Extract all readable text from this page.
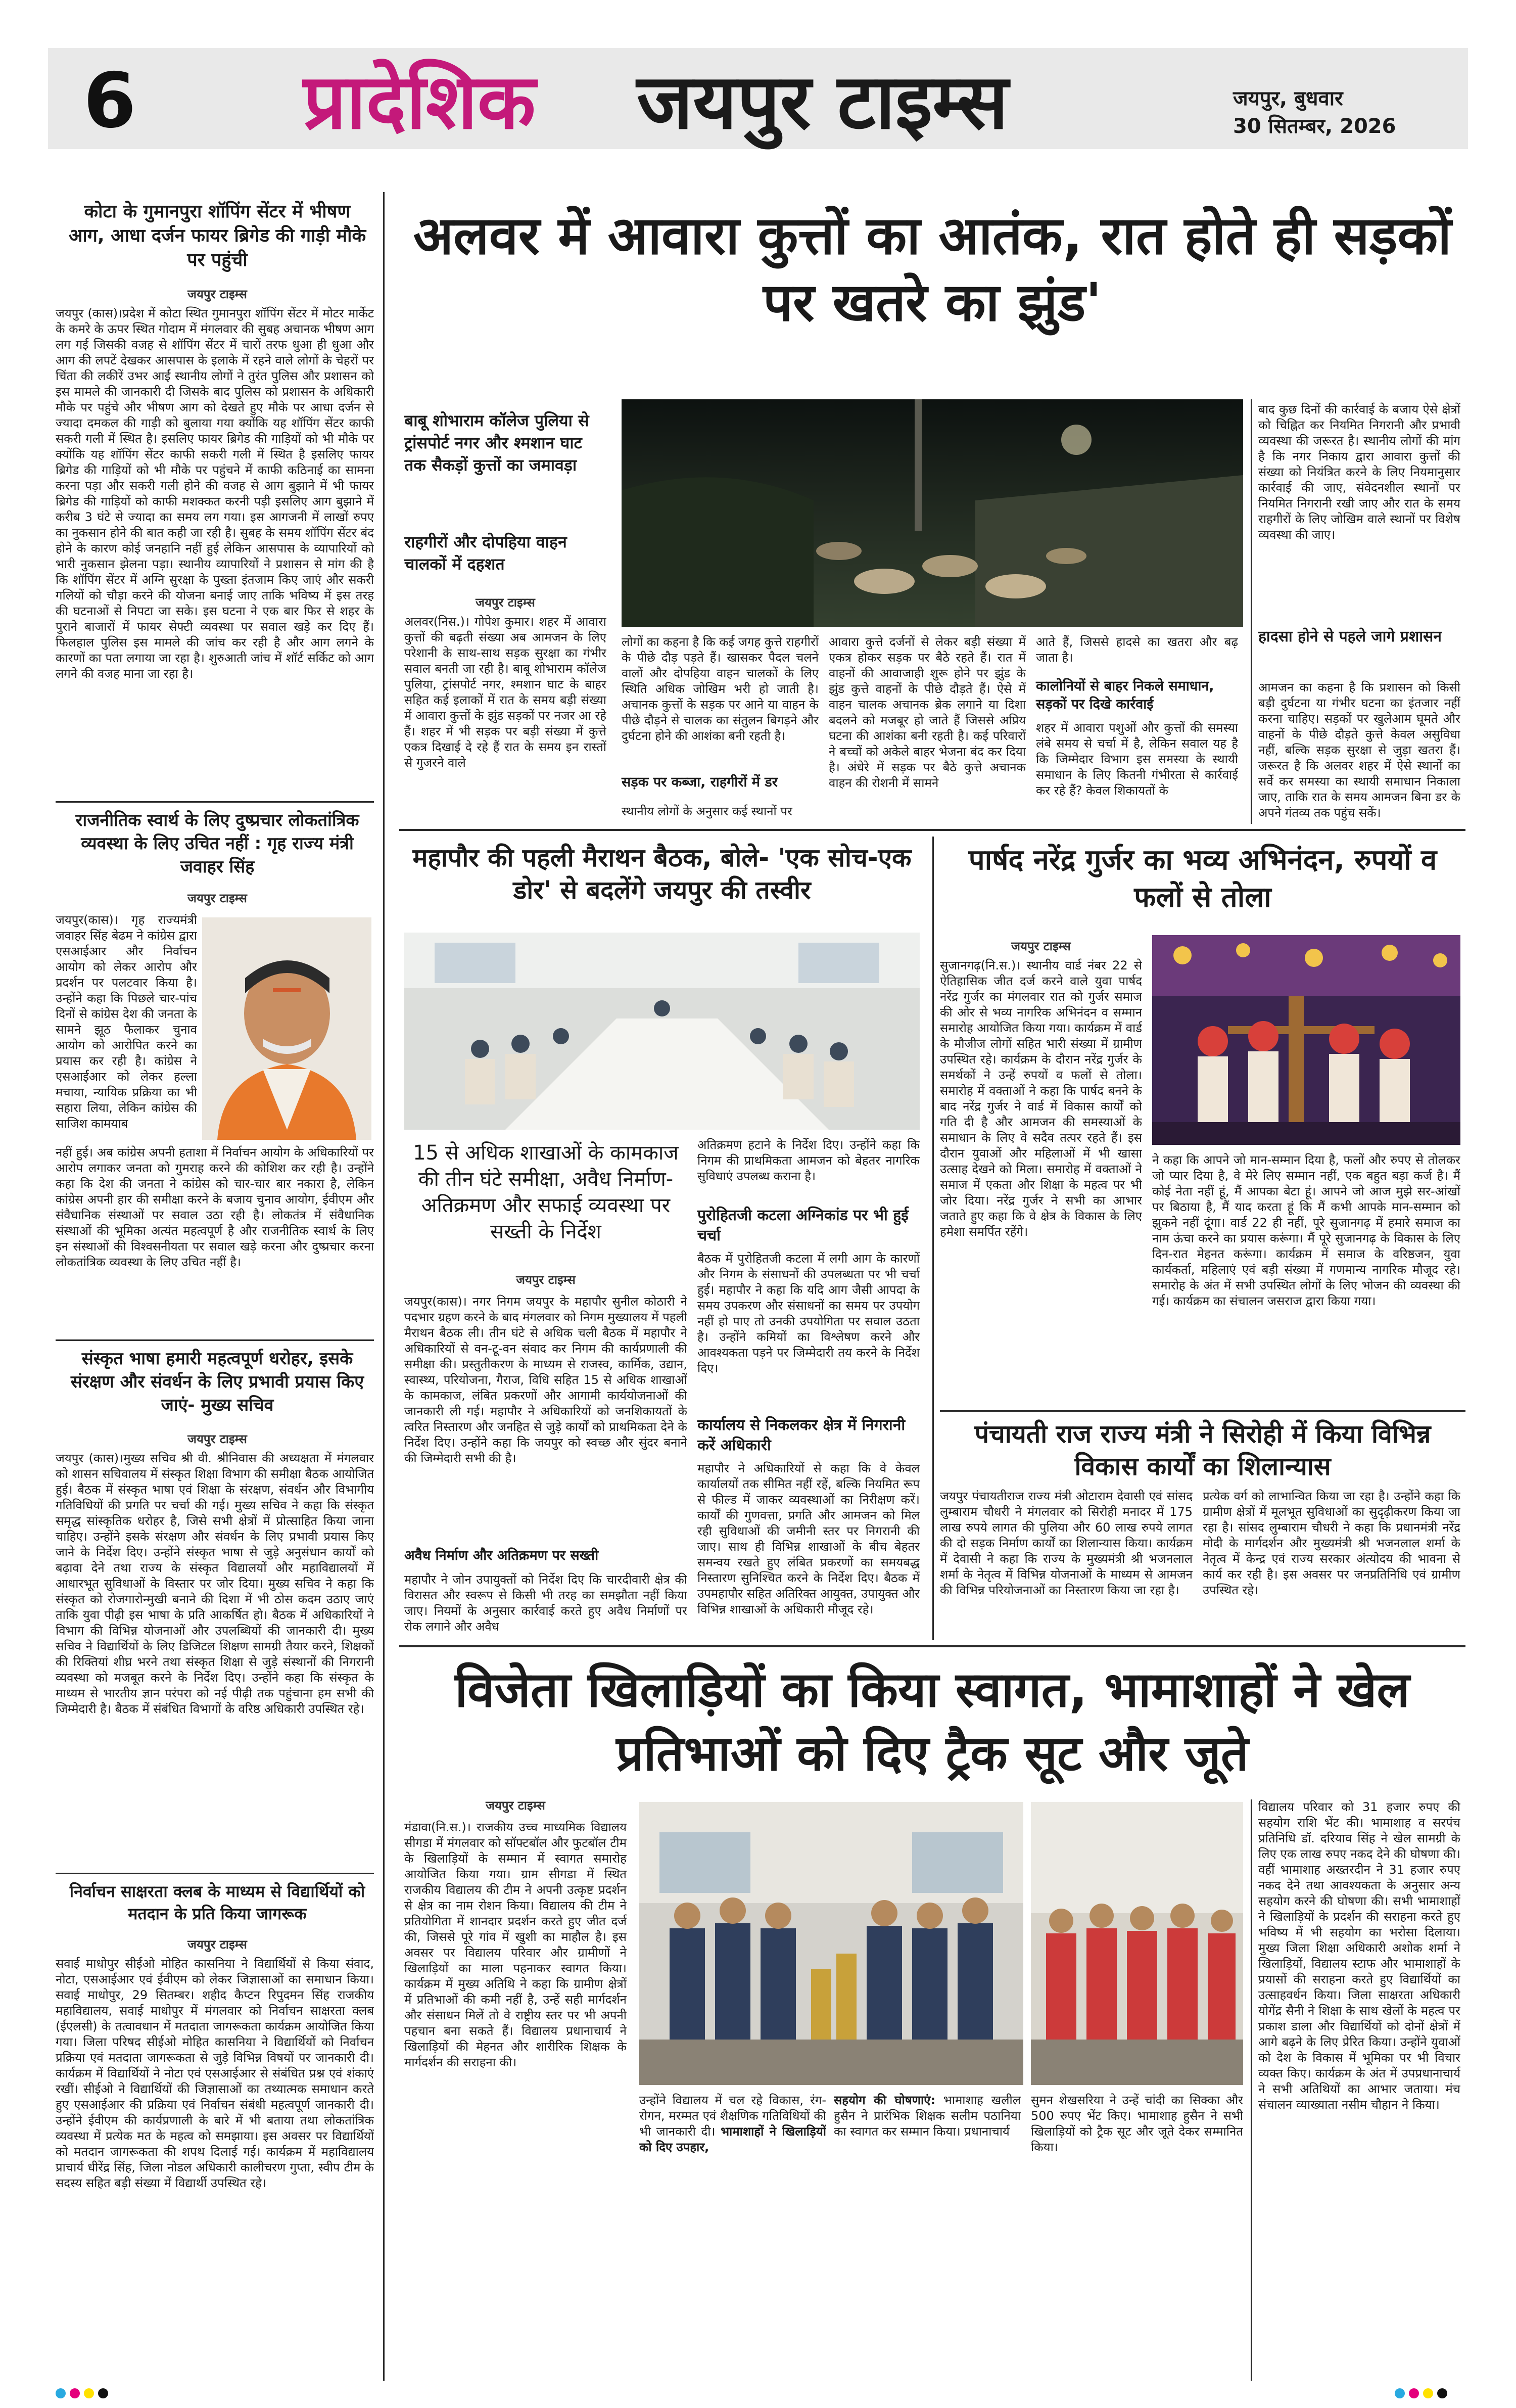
6 प्रादेशिक जयपुर टाइम्स	जयपुर, बुधवार
30 सितम्बर, 2026
कोटा के गुमानपुरा शॉपिंग सेंटर में भीषण आग, आधा दर्जन फायर ब्रिगेड की गाड़ी मौके पर पहुंची
जयपुर टाइम्स
जयपुर (कास)।प्रदेश में कोटा स्थित गुमानपुरा शॉपिंग सेंटर में मोटर मार्केट के कमरे के ऊपर स्थित गोदाम में मंगलवार की सुबह अचानक भीषण आग लग गई जिसकी वजह से शॉपिंग सेंटर में चारों तरफ धुआ ही धुआ और आग की लपटें देखकर आसपास के इलाके में रहने वाले लोगों के चेहरों पर चिंता की लकीरें उभर आईं स्थानीय लोगों ने तुरंत पुलिस और प्रशासन को इस मामले की जानकारी दी जिसके बाद पुलिस को प्रशासन के अधिकारी मौके पर पहुंचे और भीषण आग को देखते हुए मौके पर आधा दर्जन से ज्यादा दमकल की गाड़ी को बुलाया गया क्योंकि यह शॉपिंग सेंटर काफी सकरी गली में स्थित है। इसलिए फायर ब्रिगेड की गाड़ियों को भी मौके पर क्योंकि यह शॉपिंग सेंटर काफी सकरी गली में स्थित है इसलिए फायर ब्रिगेड की गाड़ियों को भी मौके पर पहुंचने में काफी कठिनाई का सामना करना पड़ा और सकरी गली होने की वजह से आग बुझाने में भी फायर ब्रिगेड की गाड़ियों को काफी मशक्कत करनी पड़ी इसलिए आग बुझाने में करीब 3 घंटे से ज्यादा का समय लग गया। इस आगजनी में लाखों रुपए का नुकसान होने की बात कही जा रही है। सुबह के समय शॉपिंग सेंटर बंद होने के कारण कोई जनहानि नहीं हुई लेकिन आसपास के व्यापारियों को भारी नुकसान झेलना पड़ा। स्थानीय व्यापारियों ने प्रशासन से मांग की है कि शॉपिंग सेंटर में अग्नि सुरक्षा के पुख्ता इंतजाम किए जाएं और सकरी गलियों को चौड़ा करने की योजना बनाई जाए ताकि भविष्य में इस तरह की घटनाओं से निपटा जा सके। इस घटना ने एक बार फिर से शहर के पुराने बाजारों में फायर सेफ्टी व्यवस्था पर सवाल खड़े कर दिए हैं। फिलहाल पुलिस इस मामले की जांच कर रही है और आग लगने के कारणों का पता लगाया जा रहा है। शुरुआती जांच में शॉर्ट सर्किट को आग लगने की वजह माना जा रहा है।
राजनीतिक स्वार्थ के लिए दुष्प्रचार लोकतांत्रिक व्यवस्था के लिए उचित नहीं : गृह राज्य मंत्री जवाहर सिंह
जयपुर टाइम्स
जयपुर(कास)। गृह राज्यमंत्री जवाहर सिंह बेढम ने कांग्रेस द्वारा एसआईआर और निर्वाचन आयोग को लेकर आरोप और प्रदर्शन पर पलटवार किया है। उन्होंने कहा कि पिछले चार-पांच दिनों से कांग्रेस देश की जनता के सामने झूठ फैलाकर चुनाव आयोग को आरोपित करने का प्रयास कर रही है। कांग्रेस ने एसआईआर को लेकर हल्ला मचाया, न्यायिक प्रक्रिया का भी सहारा लिया, लेकिन कांग्रेस की साजिश कामयाब
नहीं हुई। अब कांग्रेस अपनी हताशा में निर्वाचन आयोग के अधिकारियों पर आरोप लगाकर जनता को गुमराह करने की कोशिश कर रही है। उन्होंने कहा कि देश की जनता ने कांग्रेस को चार-चार बार नकारा है, लेकिन कांग्रेस अपनी हार की समीक्षा करने के बजाय चुनाव आयोग, ईवीएम और संवैधानिक संस्थाओं पर सवाल उठा रही है। लोकतंत्र में संवैधानिक संस्थाओं की भूमिका अत्यंत महत्वपूर्ण है और राजनीतिक स्वार्थ के लिए इन संस्थाओं की विश्वसनीयता पर सवाल खड़े करना और दुष्प्रचार करना लोकतांत्रिक व्यवस्था के लिए उचित नहीं है।
संस्कृत भाषा हमारी महत्वपूर्ण धरोहर, इसके संरक्षण और संवर्धन के लिए प्रभावी प्रयास किए जाएं- मुख्य सचिव
जयपुर टाइम्स
जयपुर (कास)।मुख्य सचिव श्री वी. श्रीनिवास की अध्यक्षता में मंगलवार को शासन सचिवालय में संस्कृत शिक्षा विभाग की समीक्षा बैठक आयोजित हुई। बैठक में संस्कृत भाषा एवं शिक्षा के संरक्षण, संवर्धन और विभागीय गतिविधियों की प्रगति पर चर्चा की गई। मुख्य सचिव ने कहा कि संस्कृत समृद्ध सांस्कृतिक धरोहर है, जिसे सभी क्षेत्रों में प्रोत्साहित किया जाना चाहिए। उन्होंने इसके संरक्षण और संवर्धन के लिए प्रभावी प्रयास किए जाने के निर्देश दिए। उन्होंने संस्कृत भाषा से जुड़े अनुसंधान कार्यों को बढ़ावा देने तथा राज्य के संस्कृत विद्यालयों और महाविद्यालयों में आधारभूत सुविधाओं के विस्तार पर जोर दिया। मुख्य सचिव ने कहा कि संस्कृत को रोजगारोन्मुखी बनाने की दिशा में भी ठोस कदम उठाए जाएं ताकि युवा पीढ़ी इस भाषा के प्रति आकर्षित हो। बैठक में अधिकारियों ने विभाग की विभिन्न योजनाओं और उपलब्धियों की जानकारी दी। मुख्य सचिव ने विद्यार्थियों के लिए डिजिटल शिक्षण सामग्री तैयार करने, शिक्षकों की रिक्तियां शीघ्र भरने तथा संस्कृत शिक्षा से जुड़े संस्थानों की निगरानी व्यवस्था को मजबूत करने के निर्देश दिए। उन्होंने कहा कि संस्कृत के माध्यम से भारतीय ज्ञान परंपरा को नई पीढ़ी तक पहुंचाना हम सभी की जिम्मेदारी है। बैठक में संबंधित विभागों के वरिष्ठ अधिकारी उपस्थित रहे।
निर्वाचन साक्षरता क्लब के माध्यम से विद्यार्थियों को मतदान के प्रति किया जागरूक
जयपुर टाइम्स
सवाई माधोपुर सीईओ मोहित कासनिया ने विद्यार्थियों से किया संवाद, नोटा, एसआईआर एवं ईवीएम को लेकर जिज्ञासाओं का समाधान किया। सवाई माधोपुर, 29 सितम्बर। शहीद कैप्टन रिपुदमन सिंह राजकीय महाविद्यालय, सवाई माधोपुर में मंगलवार को निर्वाचन साक्षरता क्लब (ईएलसी) के तत्वावधान में मतदाता जागरूकता कार्यक्रम आयोजित किया गया। जिला परिषद सीईओ मोहित कासनिया ने विद्यार्थियों को निर्वाचन प्रक्रिया एवं मतदाता जागरूकता से जुड़े विभिन्न विषयों पर जानकारी दी। कार्यक्रम में विद्यार्थियों ने नोटा एवं एसआईआर से संबंधित प्रश्न एवं शंकाएं रखीं। सीईओ ने विद्यार्थियों की जिज्ञासाओं का तथ्यात्मक समाधान करते हुए एसआईआर की प्रक्रिया एवं निर्वाचन संबंधी महत्वपूर्ण जानकारी दी। उन्होंने ईवीएम की कार्यप्रणाली के बारे में भी बताया तथा लोकतांत्रिक व्यवस्था में प्रत्येक मत के महत्व को समझाया। इस अवसर पर विद्यार्थियों को मतदान जागरूकता की शपथ दिलाई गई। कार्यक्रम में महाविद्यालय प्राचार्य धीरेंद्र सिंह, जिला नोडल अधिकारी कालीचरण गुप्ता, स्वीप टीम के सदस्य सहित बड़ी संख्या में विद्यार्थी उपस्थित रहे।
अलवर में आवारा कुत्तों का आतंक, रात होते ही सड़कों पर खतरे का झुंड'
बाबू शोभाराम कॉलेज पुलिया से ट्रांसपोर्ट नगर और श्मशान घाट तक सैकड़ों कुत्तों का जमावड़ा
राहगीरों और दोपहिया वाहन चालकों में दहशत
जयपुर टाइम्स
अलवर(निस.)। गोपेश कुमार। शहर में आवारा कुत्तों की बढ़ती संख्या अब आमजन के लिए परेशानी के साथ-साथ सड़क सुरक्षा का गंभीर सवाल बनती जा रही है। बाबू शोभाराम कॉलेज पुलिया, ट्रांसपोर्ट नगर, श्मशान घाट के बाहर सहित कई इलाकों में रात के समय बड़ी संख्या में आवारा कुत्तों के झुंड सड़कों पर नजर आ रहे हैं। शहर में भी सड़क पर बड़ी संख्या में कुत्ते एकत्र दिखाई दे रहे हैं रात के समय इन रास्तों से गुजरने वाले
लोगों का कहना है कि कई जगह कुत्ते राहगीरों के पीछे दौड़ पड़ते हैं। खासकर पैदल चलने वालों और दोपहिया वाहन चालकों के लिए स्थिति अधिक जोखिम भरी हो जाती है। अचानक कुत्तों के सड़क पर आने या वाहन के पीछे दौड़ने से चालक का संतुलन बिगड़ने और दुर्घटना होने की आशंका बनी रहती है।
सड़क पर कब्जा, राहगीरों में डर
स्थानीय लोगों के अनुसार कई स्थानों पर
आवारा कुत्ते दर्जनों से लेकर बड़ी संख्या में एकत्र होकर सड़क पर बैठे रहते हैं। रात में वाहनों की आवाजाही शुरू होने पर झुंड के झुंड कुत्ते वाहनों के पीछे दौड़ते हैं। ऐसे में वाहन चालक अचानक ब्रेक लगाने या दिशा बदलने को मजबूर हो जाते हैं जिससे अप्रिय घटना की आशंका बनी रहती है। कई परिवारों ने बच्चों को अकेले बाहर भेजना बंद कर दिया है। अंधेरे में सड़क पर बैठे कुत्ते अचानक वाहन की रोशनी में सामने
आते हैं, जिससे हादसे का खतरा और बढ़ जाता है।
कालोनियों से बाहर निकले समाधान, सड़कों पर दिखे कार्रवाई
शहर में आवारा पशुओं और कुत्तों की समस्या लंबे समय से चर्चा में है, लेकिन सवाल यह है कि जिम्मेदार विभाग इस समस्या के स्थायी समाधान के लिए कितनी गंभीरता से कार्रवाई कर रहे हैं? केवल शिकायतों के
बाद कुछ दिनों की कार्रवाई के बजाय ऐसे क्षेत्रों को चिह्नित कर नियमित निगरानी और प्रभावी व्यवस्था की जरूरत है। स्थानीय लोगों की मांग है कि नगर निकाय द्वारा आवारा कुत्तों की संख्या को नियंत्रित करने के लिए नियमानुसार कार्रवाई की जाए, संवेदनशील स्थानों पर नियमित निगरानी रखी जाए और रात के समय राहगीरों के लिए जोखिम वाले स्थानों पर विशेष व्यवस्था की जाए।
हादसा होने से पहले जागे प्रशासन
आमजन का कहना है कि प्रशासन को किसी बड़ी दुर्घटना या गंभीर घटना का इंतजार नहीं करना चाहिए। सड़कों पर खुलेआम घूमते और वाहनों के पीछे दौड़ते कुत्ते केवल असुविधा नहीं, बल्कि सड़क सुरक्षा से जुड़ा खतरा हैं। जरूरत है कि अलवर शहर में ऐसे स्थानों का सर्वे कर समस्या का स्थायी समाधान निकाला जाए, ताकि रात के समय आमजन बिना डर के अपने गंतव्य तक पहुंच सकें।
महापौर की पहली मैराथन बैठक, बोले- 'एक सोच-एक डोर' से बदलेंगे जयपुर की तस्वीर
15 से अधिक शाखाओं के कामकाज की तीन घंटे समीक्षा, अवैध निर्माण-अतिक्रमण और सफाई व्यवस्था पर सख्ती के निर्देश
जयपुर टाइम्स
जयपुर(कास)। नगर निगम जयपुर के महापौर सुनील कोठारी ने पदभार ग्रहण करने के बाद मंगलवार को निगम मुख्यालय में पहली मैराथन बैठक ली। तीन घंटे से अधिक चली बैठक में महापौर ने अधिकारियों से वन-टू-वन संवाद कर निगम की कार्यप्रणाली की समीक्षा की। प्रस्तुतीकरण के माध्यम से राजस्व, कार्मिक, उद्यान, स्वास्थ्य, परियोजना, गैराज, विधि सहित 15 से अधिक शाखाओं के कामकाज, लंबित प्रकरणों और आगामी कार्ययोजनाओं की जानकारी ली गई। महापौर ने अधिकारियों को जनशिकायतों के त्वरित निस्तारण और जनहित से जुड़े कार्यों को प्राथमिकता देने के निर्देश दिए। उन्होंने कहा कि जयपुर को स्वच्छ और सुंदर बनाने की जिम्मेदारी सभी की है।
अवैध निर्माण और अतिक्रमण पर सख्ती
महापौर ने जोन उपायुक्तों को निर्देश दिए कि चारदीवारी क्षेत्र की विरासत और स्वरूप से किसी भी तरह का समझौता नहीं किया जाए। नियमों के अनुसार कार्रवाई करते हुए अवैध निर्माणों पर रोक लगाने और अवैध
अतिक्रमण हटाने के निर्देश दिए। उन्होंने कहा कि निगम की प्राथमिकता आमजन को बेहतर नागरिक सुविधाएं उपलब्ध कराना है।
पुरोहितजी कटला अग्निकांड पर भी हुई चर्चा
बैठक में पुरोहितजी कटला में लगी आग के कारणों और निगम के संसाधनों की उपलब्धता पर भी चर्चा हुई। महापौर ने कहा कि यदि आग जैसी आपदा के समय उपकरण और संसाधनों का समय पर उपयोग नहीं हो पाए तो उनकी उपयोगिता पर सवाल उठता है। उन्होंने कमियों का विश्लेषण करने और आवश्यकता पड़ने पर जिम्मेदारी तय करने के निर्देश दिए।
कार्यालय से निकलकर क्षेत्र में निगरानी करें अधिकारी
महापौर ने अधिकारियों से कहा कि वे केवल कार्यालयों तक सीमित नहीं रहें, बल्कि नियमित रूप से फील्ड में जाकर व्यवस्थाओं का निरीक्षण करें। कार्यों की गुणवत्ता, प्रगति और आमजन को मिल रही सुविधाओं की जमीनी स्तर पर निगरानी की जाए। साथ ही विभिन्न शाखाओं के बीच बेहतर समन्वय रखते हुए लंबित प्रकरणों का समयबद्ध निस्तारण सुनिश्चित करने के निर्देश दिए। बैठक में उपमहापौर सहित अतिरिक्त आयुक्त, उपायुक्त और विभिन्न शाखाओं के अधिकारी मौजूद रहे।
पार्षद नरेंद्र गुर्जर का भव्य अभिनंदन, रुपयों व फलों से तोला
जयपुर टाइम्स
सुजानगढ़(नि.स.)। स्थानीय वार्ड नंबर 22 से ऐतिहासिक जीत दर्ज करने वाले युवा पार्षद नरेंद्र गुर्जर का मंगलवार रात को गुर्जर समाज की ओर से भव्य नागरिक अभिनंदन व सम्मान समारोह आयोजित किया गया। कार्यक्रम में वार्ड के मौजीज लोगों सहित भारी संख्या में ग्रामीण उपस्थित रहे। कार्यक्रम के दौरान नरेंद्र गुर्जर के समर्थकों ने उन्हें रुपयों व फलों से तोला। समारोह में वक्ताओं ने कहा कि पार्षद बनने के बाद नरेंद्र गुर्जर ने वार्ड में विकास कार्यों को गति दी है और आमजन की समस्याओं के समाधान के लिए वे सदैव तत्पर रहते हैं। इस दौरान युवाओं और महिलाओं में भी खासा उत्साह देखने को मिला। समारोह में वक्ताओं ने समाज में एकता और शिक्षा के महत्व पर भी जोर दिया। नरेंद्र गुर्जर ने सभी का आभार जताते हुए कहा कि वे क्षेत्र के विकास के लिए हमेशा समर्पित रहेंगे।
ने कहा कि आपने जो मान-सम्मान दिया है, फलों और रुपए से तोलकर जो प्यार दिया है, वे मेरे लिए सम्मान नहीं, एक बहुत बड़ा कर्ज है। मैं कोई नेता नहीं हूं, मैं आपका बेटा हूं। आपने जो आज मुझे सर-आंखों पर बिठाया है, मैं याद करता हूं कि मैं कभी आपके मान-सम्मान को झुकने नहीं दूंगा। वार्ड 22 ही नहीं, पूरे सुजानगढ़ में हमारे समाज का नाम ऊंचा करने का प्रयास करूंगा। मैं पूरे सुजानगढ़ के विकास के लिए दिन-रात मेहनत करूंगा। कार्यक्रम में समाज के वरिष्ठजन, युवा कार्यकर्ता, महिलाएं एवं बड़ी संख्या में गणमान्य नागरिक मौजूद रहे। समारोह के अंत में सभी उपस्थित लोगों के लिए भोजन की व्यवस्था की गई। कार्यक्रम का संचालन जसराज द्वारा किया गया।
पंचायती राज राज्य मंत्री ने सिरोही में किया विभिन्न विकास कार्यों का शिलान्यास
जयपुर पंचायतीराज राज्य मंत्री ओटाराम देवासी एवं सांसद लुम्बाराम चौधरी ने मंगलवार को सिरोही मनादर में 175 लाख रुपये लागत की पुलिया और 60 लाख रुपये लागत की दो सड़क निर्माण कार्यों का शिलान्यास किया। कार्यक्रम में देवासी ने कहा कि राज्य के मुख्यमंत्री श्री भजनलाल शर्मा के नेतृत्व में विभिन्न योजनाओं के माध्यम से आमजन की विभिन्न परियोजनाओं का निस्तारण किया जा रहा है।
प्रत्येक वर्ग को लाभान्वित किया जा रहा है। उन्होंने कहा कि ग्रामीण क्षेत्रों में मूलभूत सुविधाओं का सुदृढ़ीकरण किया जा रहा है। सांसद लुम्बाराम चौधरी ने कहा कि प्रधानमंत्री नरेंद्र मोदी के मार्गदर्शन और मुख्यमंत्री श्री भजनलाल शर्मा के नेतृत्व में केन्द्र एवं राज्य सरकार अंत्योदय की भावना से कार्य कर रही है। इस अवसर पर जनप्रतिनिधि एवं ग्रामीण उपस्थित रहे।
विजेता खिलाड़ियों का किया स्वागत, भामाशाहों ने खेल प्रतिभाओं को दिए ट्रैक सूट और जूते
जयपुर टाइम्स
मंडावा(नि.स.)। राजकीय उच्च माध्यमिक विद्यालय सीगडा में मंगलवार को सॉफ्टबॉल और फुटबॉल टीम के खिलाड़ियों के सम्मान में स्वागत समारोह आयोजित किया गया। ग्राम सीगडा में स्थित राजकीय विद्यालय की टीम ने अपनी उत्कृष्ट प्रदर्शन से क्षेत्र का नाम रोशन किया। विद्यालय की टीम ने प्रतियोगिता में शानदार प्रदर्शन करते हुए जीत दर्ज की, जिससे पूरे गांव में खुशी का माहौल है। इस अवसर पर विद्यालय परिवार और ग्रामीणों ने खिलाड़ियों का माला पहनाकर स्वागत किया। कार्यक्रम में मुख्य अतिथि ने कहा कि ग्रामीण क्षेत्रों में प्रतिभाओं की कमी नहीं है, उन्हें सही मार्गदर्शन और संसाधन मिलें तो वे राष्ट्रीय स्तर पर भी अपनी पहचान बना सकते हैं। विद्यालय प्रधानाचार्य ने खिलाड़ियों की मेहनत और शारीरिक शिक्षक के मार्गदर्शन की सराहना की।
उन्होंने विद्यालय में चल रहे विकास, रंग-रोगन, मरम्मत एवं शैक्षणिक गतिविधियों की भी जानकारी दी। भामाशाहों ने खिलाड़ियों को दिए उपहार,
सहयोग की घोषणाएं: भामाशाह खलील हुसैन ने प्रारंभिक शिक्षक सलीम पठानिया का स्वागत कर सम्मान किया। प्रधानाचार्य
सुमन शेखसरिया ने उन्हें चांदी का सिक्का और 500 रुपए भेंट किए। भामाशाह हुसैन ने सभी खिलाड़ियों को ट्रैक सूट और जूते देकर सम्मानित किया।
विद्यालय परिवार को 31 हजार रुपए की सहयोग राशि भेंट की। भामाशाह व सरपंच प्रतिनिधि डॉ. दरियाव सिंह ने खेल सामग्री के लिए एक लाख रुपए नकद देने की घोषणा की। वहीं भामाशाह अख्तरदीन ने 31 हजार रुपए नकद देने तथा आवश्यकता के अनुसार अन्य सहयोग करने की घोषणा की। सभी भामाशाहों ने खिलाड़ियों के प्रदर्शन की सराहना करते हुए भविष्य में भी सहयोग का भरोसा दिलाया। मुख्य जिला शिक्षा अधिकारी अशोक शर्मा ने खिलाड़ियों, विद्यालय स्टाफ और भामाशाहों के प्रयासों की सराहना करते हुए विद्यार्थियों का उत्साहवर्धन किया। जिला साक्षरता अधिकारी योगेंद्र सैनी ने शिक्षा के साथ खेलों के महत्व पर प्रकाश डाला और विद्यार्थियों को दोनों क्षेत्रों में आगे बढ़ने के लिए प्रेरित किया। उन्होंने युवाओं को देश के विकास में भूमिका पर भी विचार व्यक्त किए। कार्यक्रम के अंत में उपप्रधानाचार्य ने सभी अतिथियों का आभार जताया। मंच संचालन व्याख्याता नसीम चौहान ने किया।
